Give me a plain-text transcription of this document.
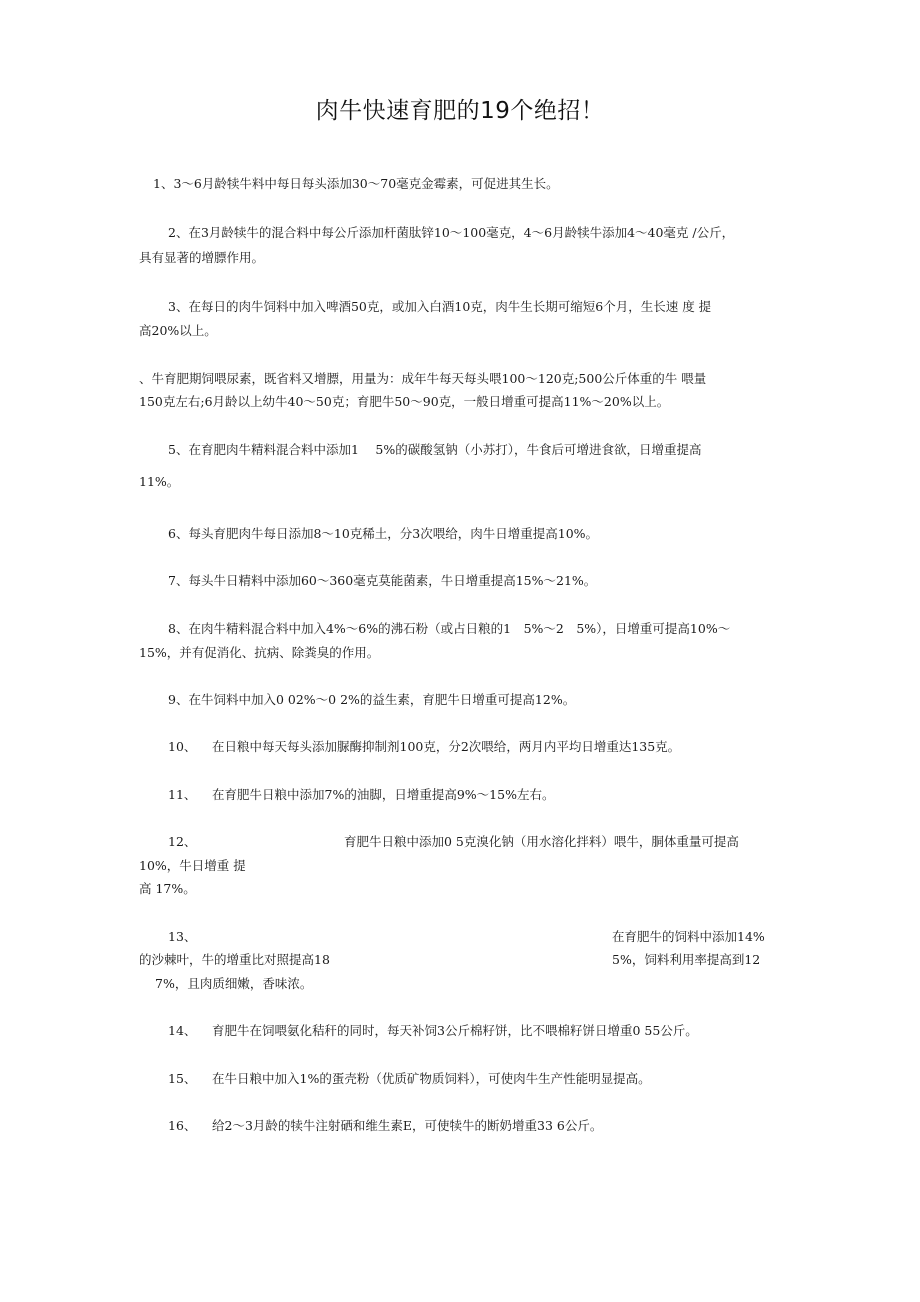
肉牛快速育肥的19个绝招！
1、3～6月龄犊牛料中每日每头添加30～70毫克金霉素，可促进其生长。
2、在3月龄犊牛的混合料中每公斤添加杆菌肽锌10～100毫克，4～6月龄犊牛添加4～40毫克 /公斤，
具有显著的增膘作用。
3、在每日的肉牛饲料中加入啤酒50克，或加入白酒10克，肉牛生长期可缩短6个月，生长速 度 提
高20%以上。
、牛育肥期饲喂尿素，既省料又增膘，用量为：成年牛每天每头喂100～120克;500公斤体重的牛 喂量
150克左右;6月龄以上幼牛40～50克；育肥牛50～90克，一般日增重可提高11%～20%以上。
5、在育肥肉牛精料混合料中添加1　 5%的碳酸氢钠（小苏打），牛食后可增进食欲，日增重提高
11%。
6、每头育肥肉牛每日添加8～10克稀土，分3次喂给，肉牛日增重提高10%。
7、每头牛日精料中添加60～360毫克莫能菌素，牛日增重提高15%～21%。
8、在肉牛精料混合料中加入4%～6%的沸石粉（或占日粮的1　5%～2　5%），日增重可提高10%～
15%，并有促消化、抗病、除粪臭的作用。
9、在牛饲料中加入0 02%～0 2%的益生素，育肥牛日增重可提高12%。
10、 在日粮中每天每头添加脲酶抑制剂100克，分2次喂给，两月内平均日增重达135克。
11、 在育肥牛日粮中添加7%的油脚，日增重提高9%～15%左右。
12、	育肥牛日粮中添加0 5克溴化钠（用水溶化拌料）喂牛，胴体重量可提高
10%，牛日增重 提
高 17%。
13、	在育肥牛的饲料中添加14%
的沙棘叶，牛的增重比对照提高18	5%，饲料利用率提高到12
7%，且肉质细嫩，香味浓。
14、 育肥牛在饲喂氨化秸秆的同时，每天补饲3公斤棉籽饼，比不喂棉籽饼日增重0 55公斤。
15、 在牛日粮中加入1%的蛋壳粉（优质矿物质饲料），可使肉牛生产性能明显提高。
16、 给2～3月龄的犊牛注射硒和维生素E，可使犊牛的断奶增重33 6公斤。
